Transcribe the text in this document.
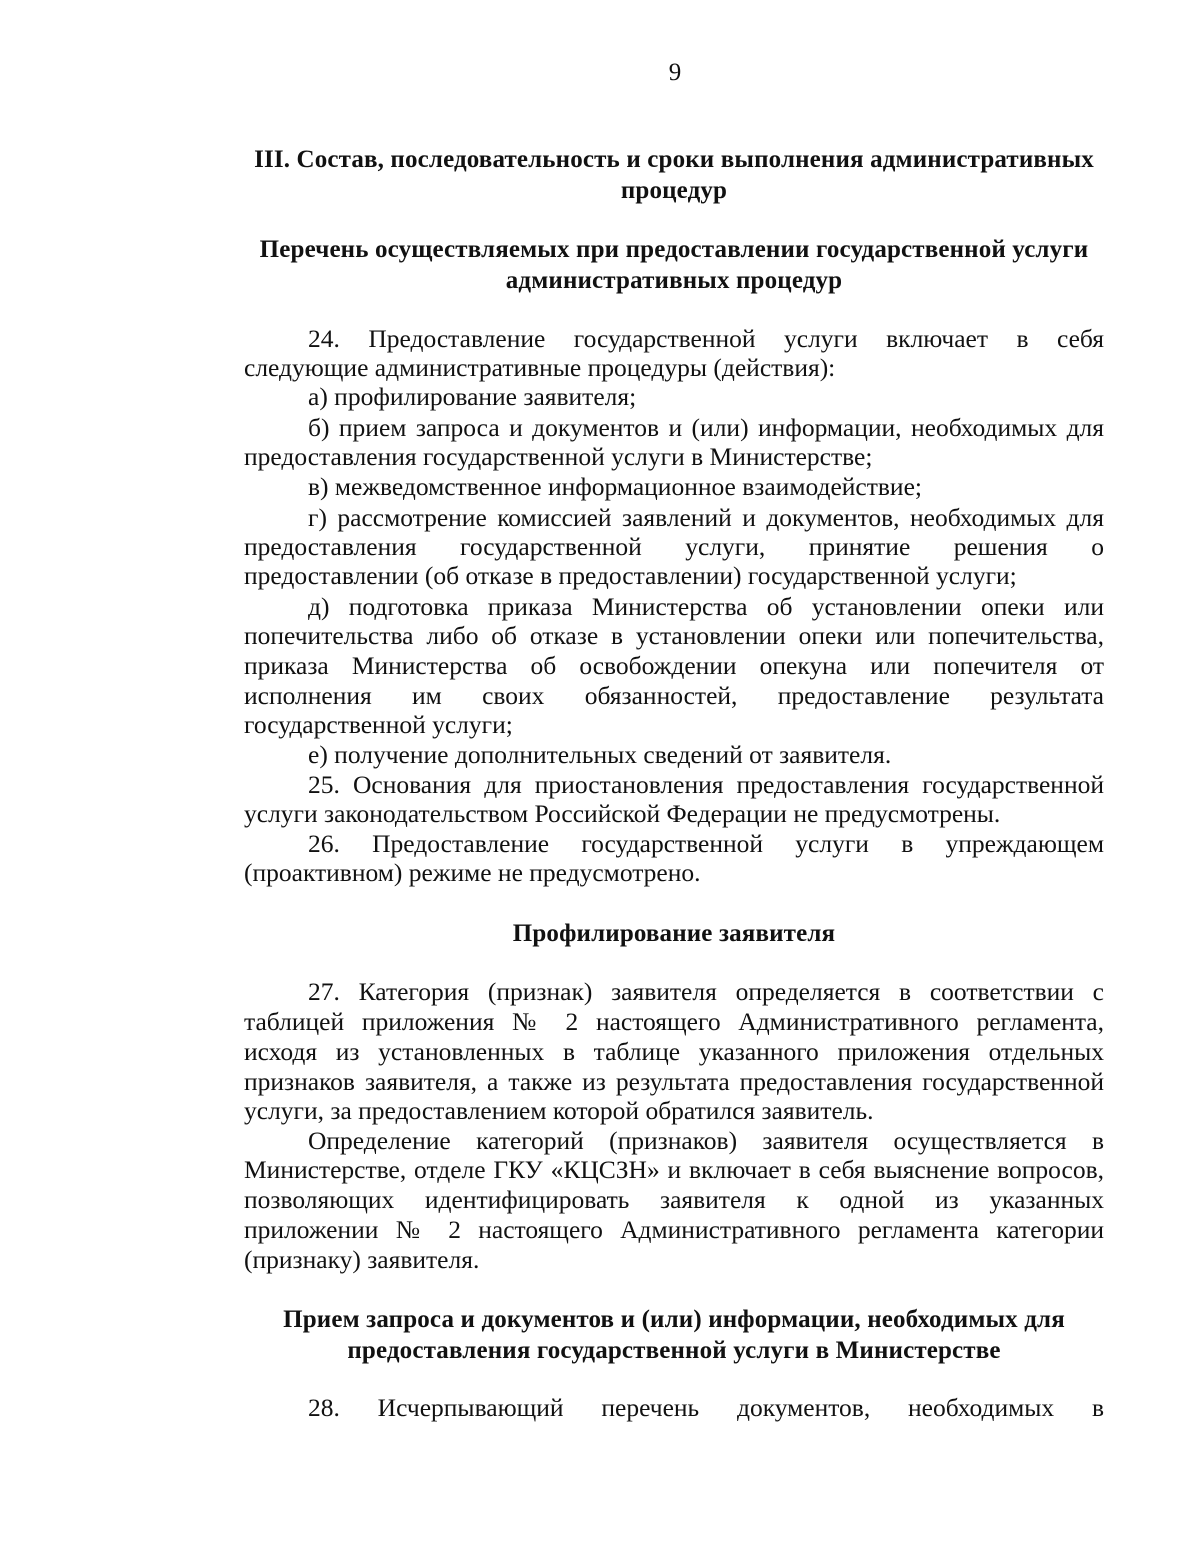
9
III. Состав, последовательность и сроки выполнения административных
процедур
Перечень осуществляемых при предоставлении государственной услуги
административных процедур
24. Предоставление государственной услуги включает в себя
следующие административные процедуры (действия):
а) профилирование заявителя;
б) прием запроса и документов и (или) информации, необходимых для
предоставления государственной услуги в Министерстве;
в) межведомственное информационное взаимодействие;
г) рассмотрение комиссией заявлений и документов, необходимых для
предоставления государственной услуги, принятие решения о
предоставлении (об отказе в предоставлении) государственной услуги;
д) подготовка приказа Министерства об установлении опеки или
попечительства либо об отказе в установлении опеки или попечительства,
приказа Министерства об освобождении опекуна или попечителя от
исполнения им своих обязанностей, предоставление результата
государственной услуги;
е) получение дополнительных сведений от заявителя.
25. Основания для приостановления предоставления государственной
услуги законодательством Российской Федерации не предусмотрены.
26. Предоставление государственной услуги в упреждающем
(проактивном) режиме не предусмотрено.
Профилирование заявителя
27. Категория (признак) заявителя определяется в соответствии с
таблицей приложения № 2 настоящего Административного регламента,
исходя из установленных в таблице указанного приложения отдельных
признаков заявителя, а также из результата предоставления государственной
услуги, за предоставлением которой обратился заявитель.
Определение категорий (признаков) заявителя осуществляется в
Министерстве, отделе ГКУ «КЦСЗН» и включает в себя выяснение вопросов,
позволяющих идентифицировать заявителя к одной из указанных
приложении № 2 настоящего Административного регламента категории
(признаку) заявителя.
Прием запроса и документов и (или) информации, необходимых для
предоставления государственной услуги в Министерстве
28. Исчерпывающий перечень документов, необходимых в
